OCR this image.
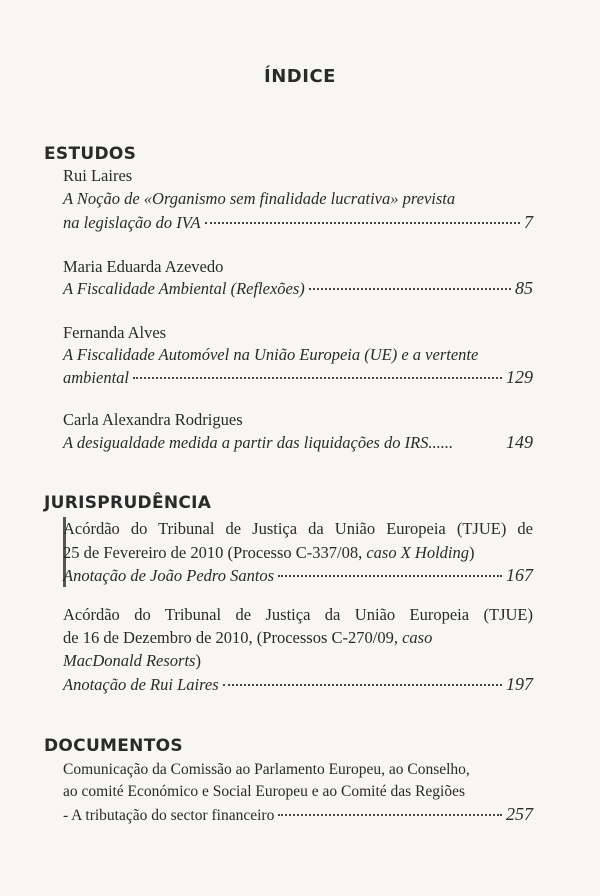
ÍNDICE
ESTUDOS
Rui Laires
A Noção de «Organismo sem finalidade lucrativa» prevista
na legislação do IVA	7
Maria Eduarda Azevedo
A Fiscalidade Ambiental (Reflexões)	85
Fernanda Alves
A Fiscalidade Automóvel na União Europeia (UE) e a vertente
ambiental	129
Carla Alexandra Rodrigues
A desigualdade medida a partir das liquidações do IRS......	149
JURISPRUDÊNCIA
Acórdão do Tribunal de Justiça da União Europeia (TJUE) de
25 de Fevereiro de 2010 (Processo C-337/08, caso X Holding)
Anotação de João Pedro Santos	167
Acórdão do Tribunal de Justiça da União Europeia (TJUE)
de 16 de Dezembro de 2010, (Processos C-270/09, caso
MacDonald Resorts)
Anotação de Rui Laires	197
DOCUMENTOS
Comunicação da Comissão ao Parlamento Europeu, ao Conselho,
ao comité Económico e Social Europeu e ao Comité das Regiões
- A tributação do sector financeiro	257
